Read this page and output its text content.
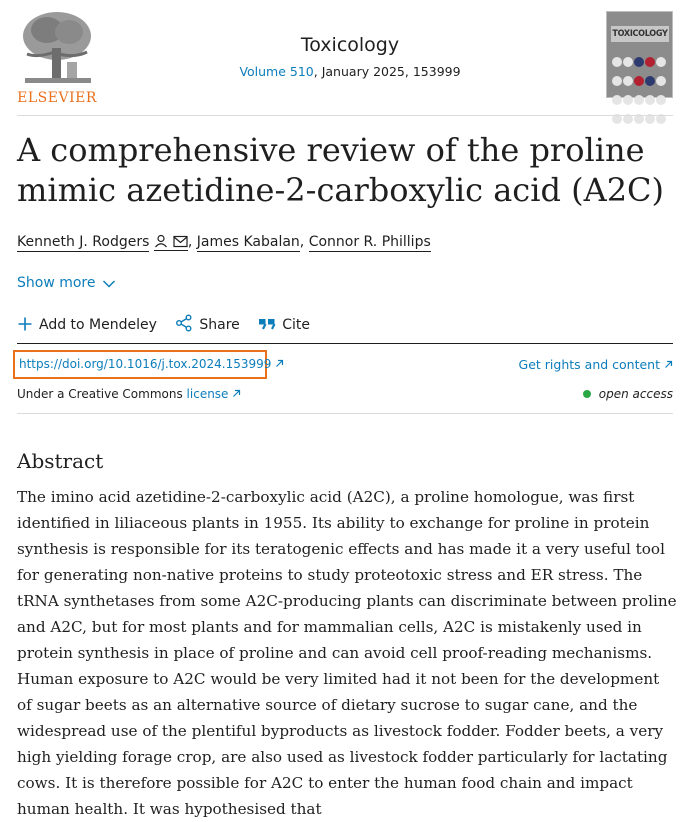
ELSEVIER
Toxicology
Volume 510, January 2025, 153999
TOXICOLOGY

A comprehensive review of the proline mimic azetidine-2-carboxylic acid (A2C)
Kenneth J. Rodgers	, James Kabalan, Connor R. Phillips
Show more
Add to Mendeley	Share	Cite
https://doi.org/10.1016/j.tox.2024.153999	Get rights and content
Under a Creative Commons license	open access
Abstract

The imino acid azetidine-2-carboxylic acid (A2C), a proline homologue, was first identified in liliaceous plants in 1955. Its ability to exchange for proline in protein synthesis is responsible for its teratogenic effects and has made it a very useful tool for generating non-native proteins to study proteotoxic stress and ER stress. The tRNA synthetases from some A2C-producing plants can discriminate between proline and A2C, but for most plants and for mammalian cells, A2C is mistakenly used in protein synthesis in place of proline and can avoid cell proof-reading mechanisms. Human exposure to A2C would be very limited had it not been for the development of sugar beets as an alternative source of dietary sucrose to sugar cane, and the widespread use of the plentiful byproducts as livestock fodder. Fodder beets, a very high yielding forage crop, are also used as livestock fodder particularly for lactating cows. It is therefore possible for A2C to enter the human food chain and impact human health. It was hypothesised that
